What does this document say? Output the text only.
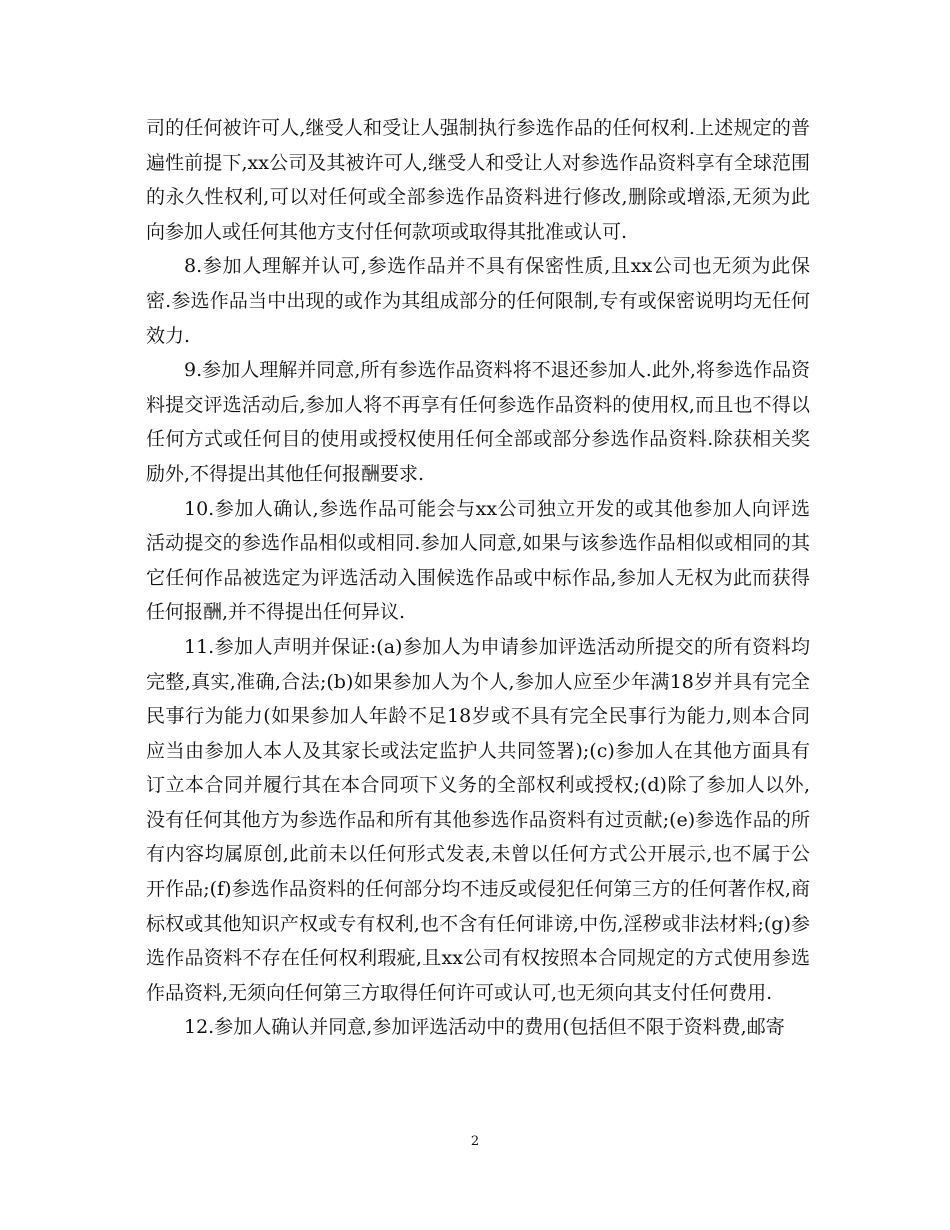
司的任何被许可人,继受人和受让人强制执行参选作品的任何权利.上述规定的普遍性前提下,xx公司及其被许可人,继受人和受让人对参选作品资料享有全球范围的永久性权利,可以对任何或全部参选作品资料进行修改,删除或增添,无须为此向参加人或任何其他方支付任何款项或取得其批准或认可.

8.参加人理解并认可,参选作品并不具有保密性质,且xx公司也无须为此保密.参选作品当中出现的或作为其组成部分的任何限制,专有或保密说明均无任何效力.

9.参加人理解并同意,所有参选作品资料将不退还参加人.此外,将参选作品资料提交评选活动后,参加人将不再享有任何参选作品资料的使用权,而且也不得以任何方式或任何目的使用或授权使用任何全部或部分参选作品资料.除获相关奖励外,不得提出其他任何报酬要求.

10.参加人确认,参选作品可能会与xx公司独立开发的或其他参加人向评选活动提交的参选作品相似或相同.参加人同意,如果与该参选作品相似或相同的其它任何作品被选定为评选活动入围候选作品或中标作品,参加人无权为此而获得任何报酬,并不得提出任何异议.

11.参加人声明并保证:(a)参加人为申请参加评选活动所提交的所有资料均完整,真实,准确,合法;(b)如果参加人为个人,参加人应至少年满18岁并具有完全民事行为能力(如果参加人年龄不足18岁或不具有完全民事行为能力,则本合同应当由参加人本人及其家长或法定监护人共同签署);(c)参加人在其他方面具有订立本合同并履行其在本合同项下义务的全部权利或授权;(d)除了参加人以外,没有任何其他方为参选作品和所有其他参选作品资料有过贡献;(e)参选作品的所有内容均属原创,此前未以任何形式发表,未曾以任何方式公开展示,也不属于公开作品;(f)参选作品资料的任何部分均不违反或侵犯任何第三方的任何著作权,商标权或其他知识产权或专有权利,也不含有任何诽谤,中伤,淫秽或非法材料;(g)参选作品资料不存在任何权利瑕疵,且xx公司有权按照本合同规定的方式使用参选作品资料,无须向任何第三方取得任何许可或认可,也无须向其支付任何费用.

12.参加人确认并同意,参加评选活动中的费用(包括但不限于资料费,邮寄

2
